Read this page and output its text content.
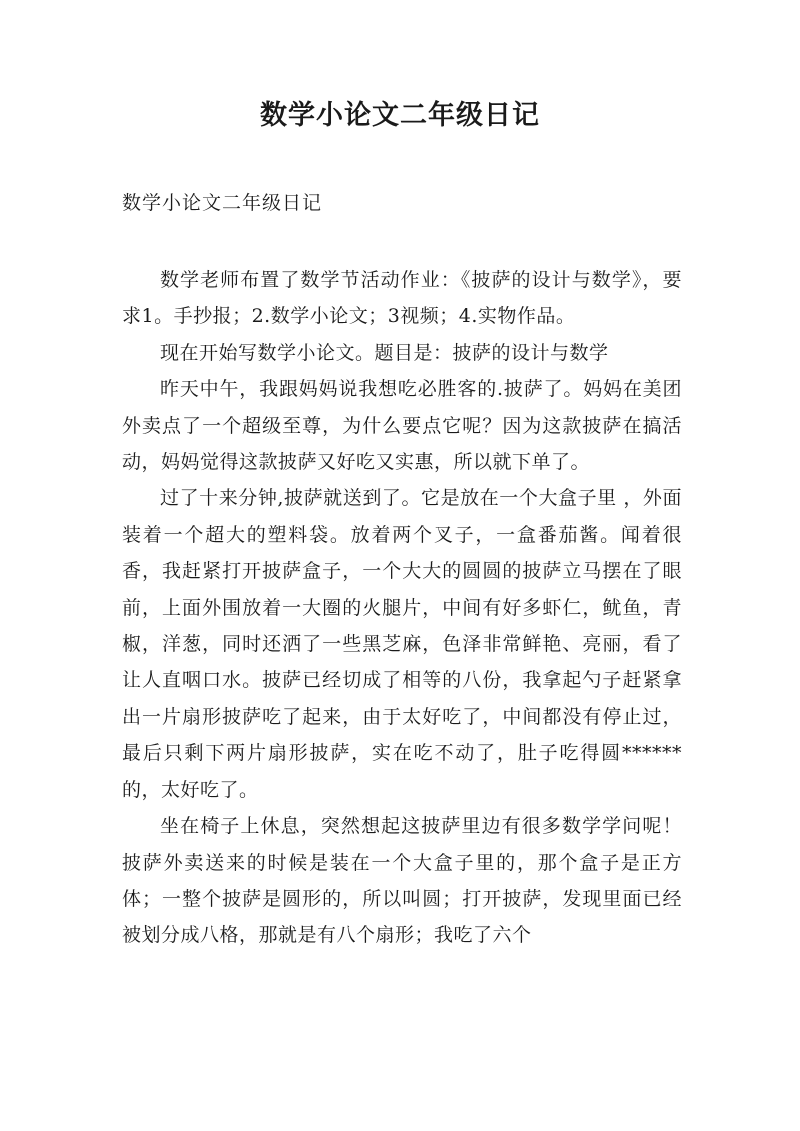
数学小论文二年级日记
数学小论文二年级日记

数学老师布置了数学节活动作业：《披萨的设计与数学》，要求1。手抄报；2.数学小论文；3视频；4.实物作品。

现在开始写数学小论文。题目是：披萨的设计与数学

昨天中午，我跟妈妈说我想吃必胜客的.披萨了。妈妈在美团外卖点了一个超级至尊，为什么要点它呢？因为这款披萨在搞活动，妈妈觉得这款披萨又好吃又实惠，所以就下单了。

过了十来分钟,披萨就送到了。它是放在一个大盒子里 ，外面装着一个超大的塑料袋。放着两个叉子，一盒番茄酱。闻着很香，我赶紧打开披萨盒子，一个大大的圆圆的披萨立马摆在了眼前，上面外围放着一大圈的火腿片，中间有好多虾仁，鱿鱼，青椒，洋葱，同时还洒了一些黑芝麻，色泽非常鲜艳、亮丽，看了让人直咽口水。披萨已经切成了相等的八份，我拿起勺子赶紧拿出一片扇形披萨吃了起来，由于太好吃了，中间都没有停止过，最后只剩下两片扇形披萨，实在吃不动了，肚子吃得圆******的，太好吃了。

坐在椅子上休息，突然想起这披萨里边有很多数学学问呢！披萨外卖送来的时候是装在一个大盒子里的，那个盒子是正方体；一整个披萨是圆形的，所以叫圆；打开披萨，发现里面已经被划分成八格，那就是有八个扇形；我吃了六个
